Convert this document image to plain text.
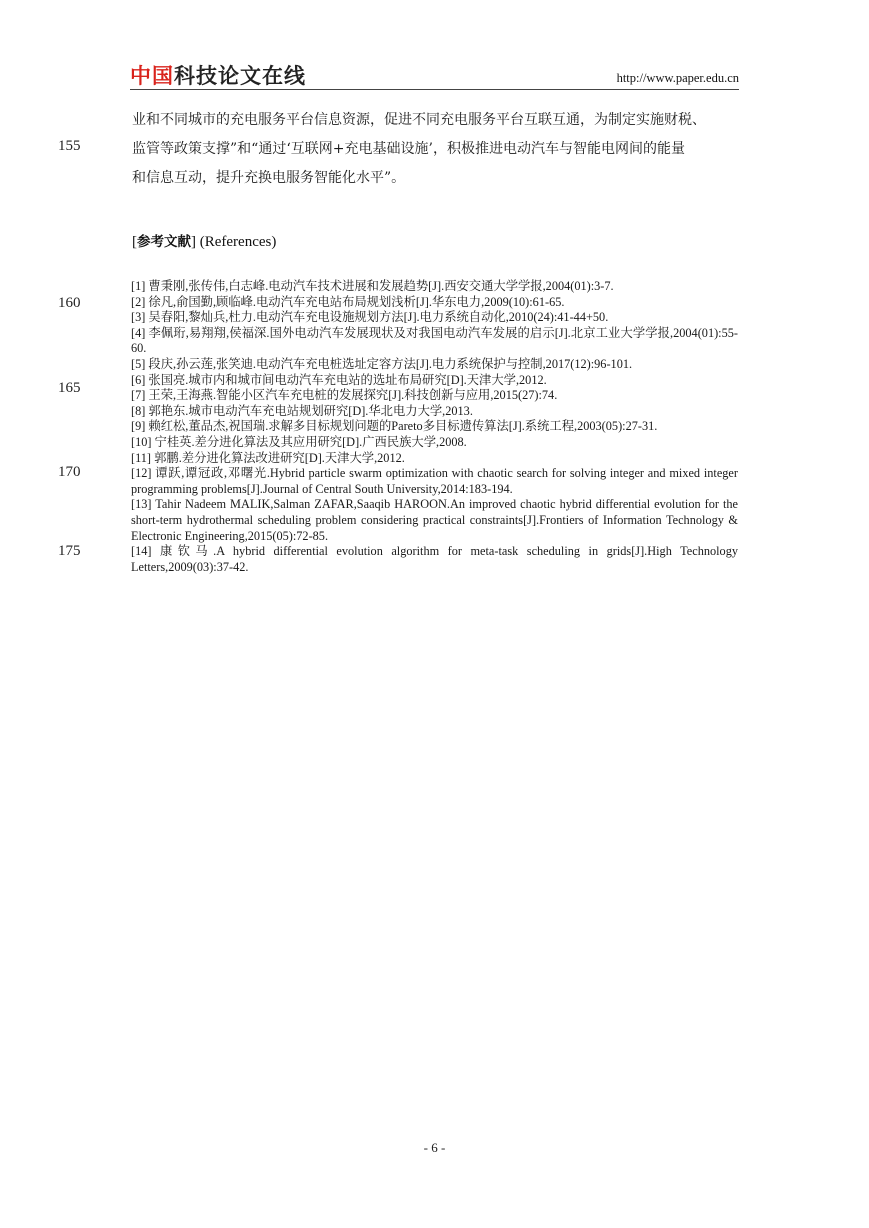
中国科技论文在线	http://www.paper.edu.cn
155
160
165
170
175

业和不同城市的充电服务平台信息资源，促进不同充电服务平台互联互通，为制定实施财税、

监管等政策支撑”和“通过‘互联网+充电基础设施’，积极推进电动汽车与智能电网间的能量

和信息互动，提升充换电服务智能化水平”。

[参考文献] (References)

[1] 曹秉刚,张传伟,白志峰.电动汽车技术进展和发展趋势[J].西安交通大学学报,2004(01):3-7.

[2] 徐凡,俞国勤,顾临峰.电动汽车充电站布局规划浅析[J].华东电力,2009(10):61-65.

[3] 吴春阳,黎灿兵,杜力.电动汽车充电设施规划方法[J].电力系统自动化,2010(24):41-44+50.

[4] 李佩珩,易翔翔,侯福深.国外电动汽车发展现状及对我国电动汽车发展的启示[J].北京工业大学学报,2004(01):55-60.

[5] 段庆,孙云莲,张笑迪.电动汽车充电桩选址定容方法[J].电力系统保护与控制,2017(12):96-101.

[6] 张国亮.城市内和城市间电动汽车充电站的选址布局研究[D].天津大学,2012.

[7] 王荣,王海燕.智能小区汽车充电桩的发展探究[J].科技创新与应用,2015(27):74.

[8] 郭艳东.城市电动汽车充电站规划研究[D].华北电力大学,2013.

[9] 赖红松,董品杰,祝国瑞.求解多目标规划问题的Pareto多目标遗传算法[J].系统工程,2003(05):27-31.

[10] 宁桂英.差分进化算法及其应用研究[D].广西民族大学,2008.

[11] 郭鹏.差分进化算法改进研究[D].天津大学,2012.

[12] 谭跃,谭冠政,邓曙光.Hybrid particle swarm optimization with chaotic search for solving integer and mixed integer programming problems[J].Journal of Central South University,2014:183-194.

[13] Tahir Nadeem MALIK,Salman ZAFAR,Saaqib HAROON.An improved chaotic hybrid differential evolution for the short-term hydrothermal scheduling problem considering practical constraints[J].Frontiers of Information Technology & Electronic Engineering,2015(05):72-85.

[14] 康钦马.A hybrid differential evolution algorithm for meta-task scheduling in grids[J].High Technology Letters,2009(03):37-42.

- 6 -
